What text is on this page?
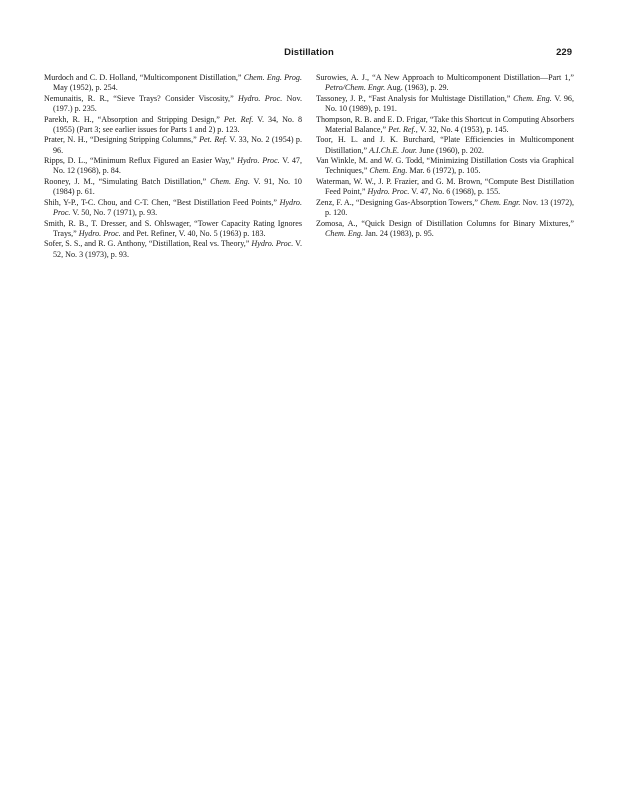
Distillation	229

Murdoch and C. D. Holland, “Multicomponent Distillation,” Chem. Eng. Prog. May (1952), p. 254.

Nemunaitis, R. R., “Sieve Trays? Consider Viscosity,” Hydro. Proc. Nov. (197.) p. 235.

Parekh, R. H., “Absorption and Stripping Design,” Pet. Ref. V. 34, No. 8 (1955) (Part 3; see earlier issues for Parts 1 and 2) p. 123.

Prater, N. H., “Designing Stripping Columns,” Pet. Ref. V. 33, No. 2 (1954) p. 96.

Ripps, D. L., “Minimum Reflux Figured an Easier Way,” Hydro. Proc. V. 47, No. 12 (1968), p. 84.

Rooney, J. M., “Simulating Batch Distillation,” Chem. Eng. V. 91, No. 10 (1984) p. 61.

Shih, Y-P., T-C. Chou, and C-T. Chen, “Best Distillation Feed Points,” Hydro. Proc. V. 50, No. 7 (1971), p. 93.

Smith, R. B., T. Dresser, and S. Ohlswager, “Tower Capacity Rating Ignores Trays,” Hydro. Proc. and Pet. Refiner, V. 40, No. 5 (1963) p. 183.

Sofer, S. S., and R. G. Anthony, “Distillation, Real vs. Theory,” Hydro. Proc. V. 52, No. 3 (1973), p. 93.

Surowies, A. J., “A New Approach to Multicomponent Distillation—Part 1,” Petro/Chem. Engr. Aug. (1963), p. 29.

Tassoney, J. P., “Fast Analysis for Multistage Distillation,” Chem. Eng. V. 96, No. 10 (1989), p. 191.

Thompson, R. B. and E. D. Frigar, “Take this Shortcut in Computing Absorbers Material Balance,” Pet. Ref., V. 32, No. 4 (1953), p. 145.

Toor, H. L. and J. K. Burchard, “Plate Efficiencies in Multicomponent Distillation,” A.I.Ch.E. Jour. June (1960), p. 202.

Van Winkle, M. and W. G. Todd, “Minimizing Distillation Costs via Graphical Techniques,” Chem. Eng. Mar. 6 (1972), p. 105.

Waterman, W. W., J. P. Frazier, and G. M. Brown, “Compute Best Distillation Feed Point,” Hydro. Proc. V. 47, No. 6 (1968), p. 155.

Zenz, F. A., “Designing Gas-Absorption Towers,” Chem. Engr. Nov. 13 (1972), p. 120.

Zomosa, A., “Quick Design of Distillation Columns for Binary Mixtures,” Chem. Eng. Jan. 24 (1983), p. 95.
